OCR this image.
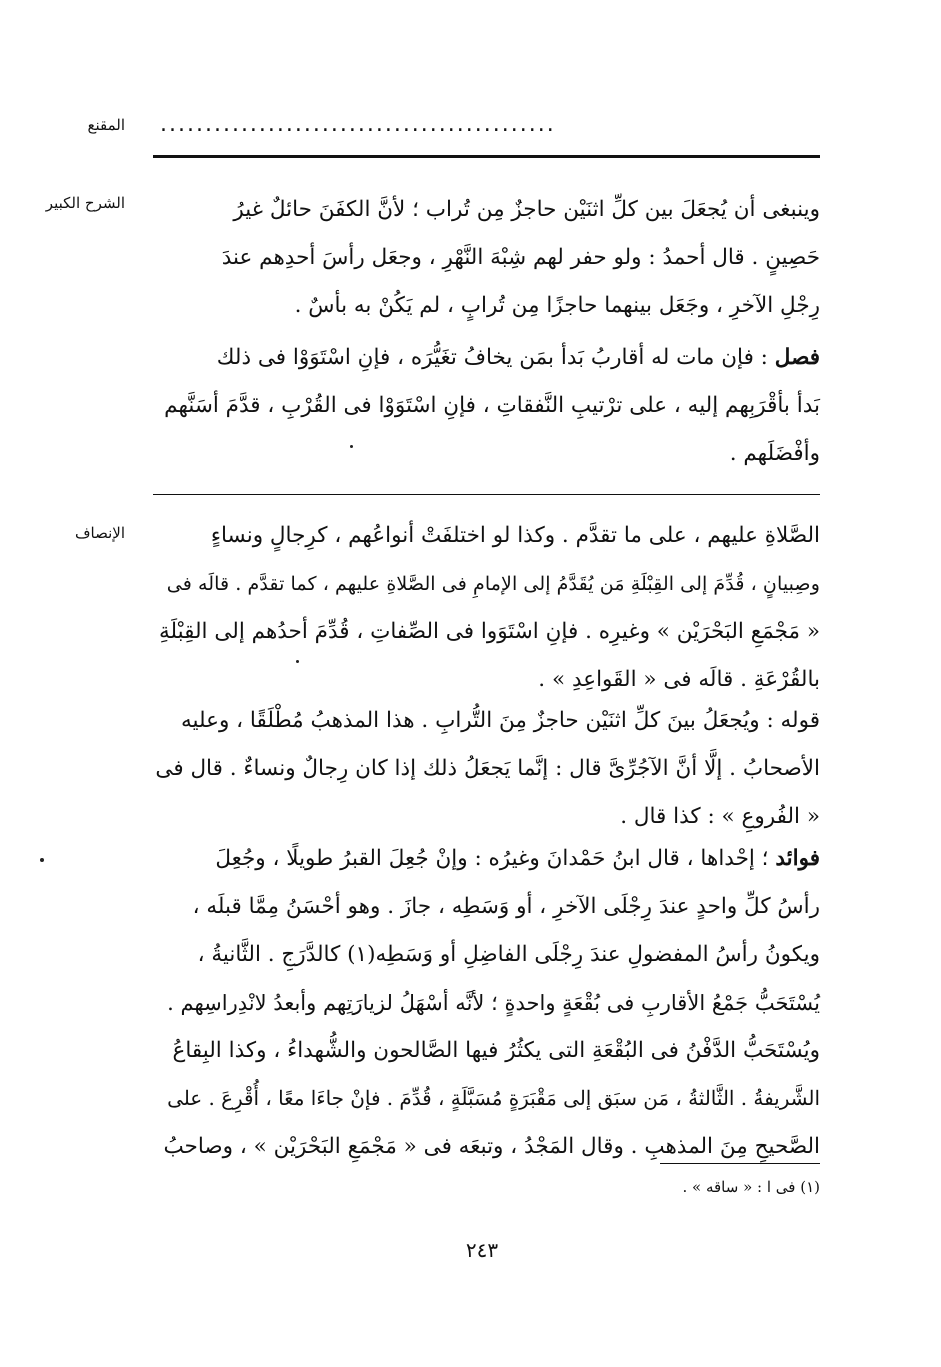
المقنع ............................................
الشرح الكبير	وينبغى أن يُجعَلَ بين كلِّ اثنَيْن حاجزٌ مِن تُراب ؛ لأنَّ الكفَنَ حائلٌ غيرُ
حَصِينٍ . قال أحمدُ : ولو حفر لهم شِبْهَ النَّهْرِ ، وجعَل رأسَ أحدِهم عندَ
رِجْلِ الآخرِ ، وجَعَل بينهما حاجزًا مِن تُرابٍ ، لم يَكُنْ به بأسٌ .
فصل : فإن مات له أقاربُ بَدأ بمَن يخافُ تغَيُّرَه ، فإنِ اسْتَوَوْا فى ذلك
بَدأ بأقْرَبِهم إليه ، على ترْتيبِ النَّفقاتِ ، فإنِ اسْتَوَوْا فى القُرْبِ ، قدَّمَ أسَنَّهم
وأفْضَلَهم .
الإنصاف	الصَّلاةِ عليهم ، على ما تقدَّم . وكذا لو اختلفَتْ أنواعُهم ، كرِجالٍ ونساءٍ
وصِبيانٍ ، قُدِّمَ إلى القِبْلَةِ مَن يُقَدَّمُ إلى الإمامِ فى الصَّلاةِ عليهم ، كما تقدَّم . قالَه فى
« مَجْمَعِ البَحْرَيْن » وغيرِه . فإنِ اسْتَوَوا فى الصِّفاتِ ، قُدِّمَ أحدُهم إلى القِبْلَةِ
بالقُرْعَةِ . قالَه فى « القَواعِدِ » .
قوله : ويُجعَلُ بينَ كلِّ اثنَيْن حاجزٌ مِنَ التُّرابِ . هذا المذهبُ مُطْلَقًا ، وعليه
الأصحابُ . إلَّا أنَّ الآجُرِّىَّ قال : إنَّما يَجعَلُ ذلك إذا كان رِجالٌ ونساءٌ . قال فى
« الفُروعِ » : كذا قال .
فوائد ؛ إحْداها ، قال ابنُ حَمْدانَ وغيرُه : وإنْ جُعِلَ القبرُ طويلًا ، وجُعِلَ
رأسُ كلِّ واحدٍ عندَ رِجْلَى الآخرِ ، أو وَسَطِه ، جازَ . وهو أحْسَنُ مِمَّا قبلَه ،
ويكونُ رأسُ المفضولِ عندَ رِجْلَى الفاضِلِ أو وَسَطِه(١) كالدَّرَجِ . الثَّانيةُ ،
يُسْتَحَبُّ جَمْعُ الأقاربِ فى بُقْعَةٍ واحدةٍ ؛ لأنَّه أسْهَلُ لزيارَتِهم وأبعدُ لانْدِراسِهم .
ويُسْتَحَبُّ الدَّفْنُ فى البُقْعَةِ التى يكثُرُ فيها الصَّالحون والشُّهداءُ ، وكذا البِقاعُ
الشَّريفةُ . الثَّالثةُ ، مَن سبَق إلى مَقْبَرَةٍ مُسَبَّلَةٍ ، قُدِّمَ . فإنْ جاءَا معًا ، أُقْرِعَ . على
الصَّحيحِ مِنَ المذهبِ . وقال المَجْدُ ، وتبعَه فى « مَجْمَعِ البَحْرَيْن » ، وصاحبُ
(١) فى ا : « ساقه » .
٢٤٣
